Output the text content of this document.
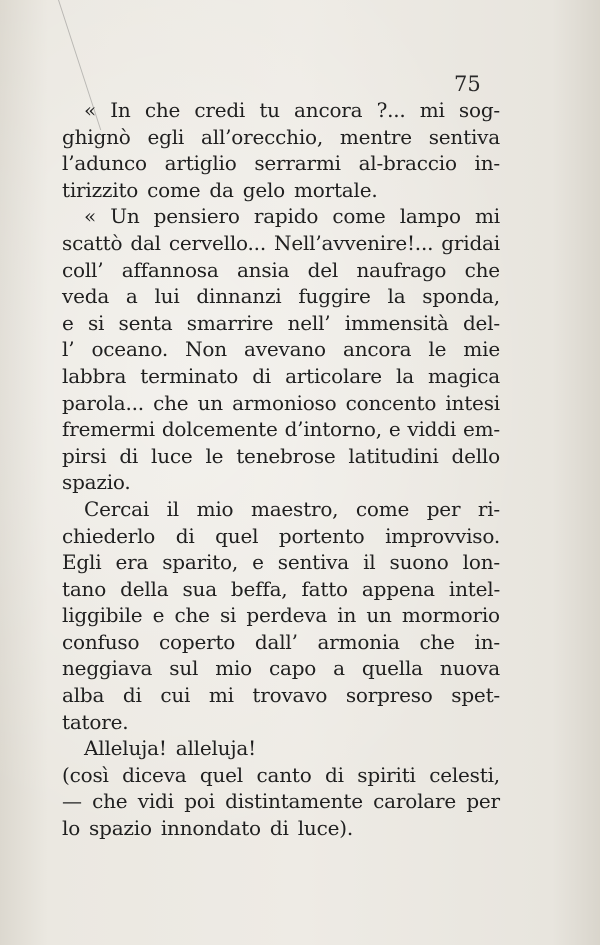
75
« In che credi tu ancora ?... mi sog-
ghignò egli all’orecchio, mentre sentiva
l’adunco artiglio serrarmi al-braccio in-
tirizzito come da gelo mortale.
« Un pensiero rapido come lampo mi
scattò dal cervello... Nell’avvenire!... gridai
coll’ affannosa ansia del naufrago che
veda a lui dinnanzi fuggire la sponda,
e si senta smarrire nell’ immensità del-
l’ oceano. Non avevano ancora le mie
labbra terminato di articolare la magica
parola... che un armonioso concento intesi
fremermi dolcemente d’intorno, e viddi em-
pirsi di luce le tenebrose latitudini dello
spazio.
Cercai il mio maestro, come per ri-
chiederlo di quel portento improvviso.
Egli era sparito, e sentiva il suono lon-
tano della sua beffa, fatto appena intel-
liggibile e che si perdeva in un mormorio
confuso coperto dall’ armonia che in-
neggiava sul mio capo a quella nuova
alba di cui mi trovavo sorpreso spet-
tatore.
Alleluja! alleluja!
(così diceva quel canto di spiriti celesti,
— che vidi poi distintamente carolare per
lo spazio innondato di luce).
